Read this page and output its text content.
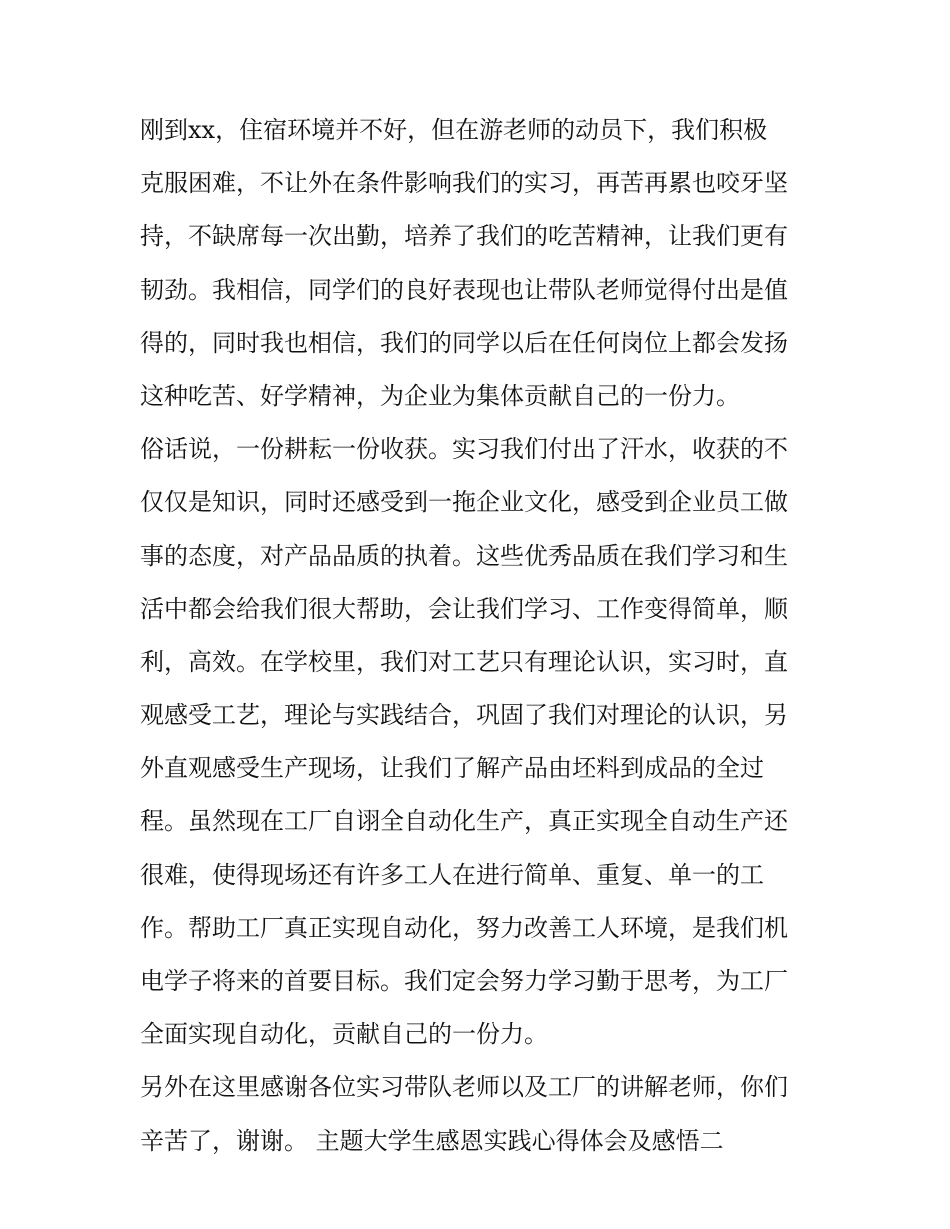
刚到xx，住宿环境并不好，但在游老师的动员下，我们积极
克服困难，不让外在条件影响我们的实习，再苦再累也咬牙坚
持，不缺席每一次出勤，培养了我们的吃苦精神，让我们更有
韧劲。我相信，同学们的良好表现也让带队老师觉得付出是值
得的，同时我也相信，我们的同学以后在任何岗位上都会发扬
这种吃苦、好学精神，为企业为集体贡献自己的一份力。
俗话说，一份耕耘一份收获。实习我们付出了汗水，收获的不
仅仅是知识，同时还感受到一拖企业文化，感受到企业员工做
事的态度，对产品品质的执着。这些优秀品质在我们学习和生
活中都会给我们很大帮助，会让我们学习、工作变得简单，顺
利，高效。在学校里，我们对工艺只有理论认识，实习时，直
观感受工艺，理论与实践结合，巩固了我们对理论的认识，另
外直观感受生产现场，让我们了解产品由坯料到成品的全过
程。虽然现在工厂自诩全自动化生产，真正实现全自动生产还
很难，使得现场还有许多工人在进行简单、重复、单一的工
作。帮助工厂真正实现自动化，努力改善工人环境，是我们机
电学子将来的首要目标。我们定会努力学习勤于思考，为工厂
全面实现自动化，贡献自己的一份力。
另外在这里感谢各位实习带队老师以及工厂的讲解老师，你们
辛苦了，谢谢。 主题大学生感恩实践心得体会及感悟二
